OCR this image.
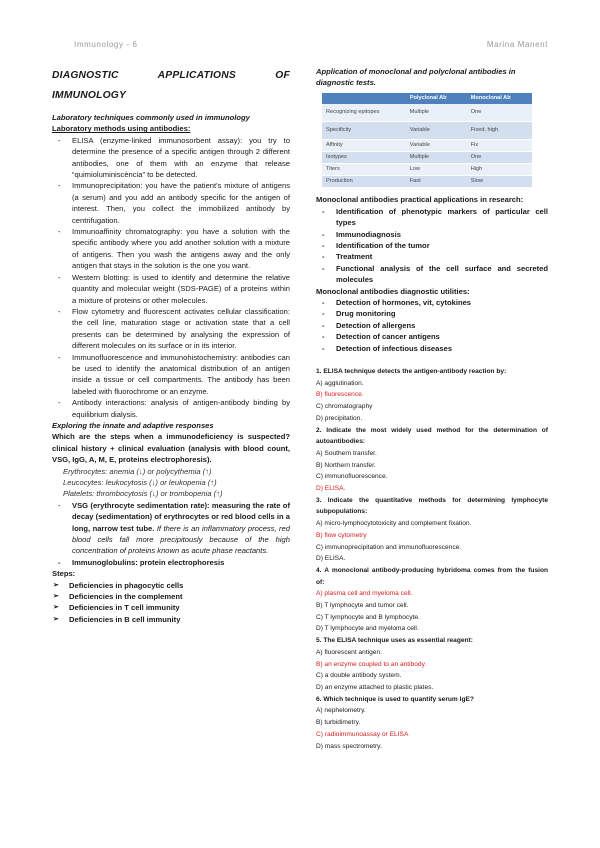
Immunology - 6	Marina Manent
DIAGNOSTIC APPLICATIONS OF IMMUNOLOGY
Laboratory techniques commonly used in immunology
Laboratory methods using antibodies:
- ELISA (enzyme-linked immunosorbent assay): you try to determine the presence of a specific antigen through 2 different antibodies, one of them with an enzyme that release “quimioluminiscència” to be detected.
- Immunoprecipitation: you have the patient's mixture of antigens (a serum) and you add an antibody specific for the antigen of interest. Then, you collect the immobilized antibody by centrifugation.
- Immunoaffinity chromatography: you have a solution with the specific antibody where you add another solution with a mixture of antigens. Then you wash the antigens away and the only antigen that stays in the solution is the one you want.
- Western blotting: is used to identify and determine the relative quantity and molecular weight (SDS-PAGE) of a proteins within a mixture of proteins or other molecules.
- Flow cytometry and fluorescent activates cellular classification: the cell line, maturation stage or activation state that a cell presents can be determined by analysing the expression of different molecules on its surface or in its interior.
- Immunofluorescence and immunohistochemistry: antibodies can be used to identify the anatomical distribution of an antigen inside a tissue or cell compartments. The antibody has been labeled with fluorochrome or an enzyme.
- Antibody interactions: analysis of antigen-antibody binding by equilibrium dialysis.
Exploring the innate and adaptive responses
Which are the steps when a immunodeficiency is suspected? clinical history + clinical evaluation (analysis with blood count, VSG, IgG, A, M, E, proteins electrophoresis).
Erythrocytes: anemia (↓) or polycythemia (↑)
Leucocytes: leukocytosis (↓) or leukopenia (↑)
Platelets: thrombocytosis (↓) or trombopenia (↑)
- VSG (erythrocyte sedimentation rate): measuring the rate of decay (sedimentation) of erythrocytes or red blood cells in a long, narrow test tube. If there is an inflammatory process, red blood cells fall more precipitously because of the high concentration of proteins known as acute phase reactants.
- Immunoglobulins: protein electrophoresis
Steps:
➢ Deficiencies in phagocytic cells
➢ Deficiencies in the complement
➢ Deficiencies in T cell immunity
➢ Deficiencies in B cell immunity
Application of monoclonal and polyclonal antibodies in diagnostic tests.
	Polyclonal Ab	Monoclonal Ab
Recognizing epitopes	Multiple	One
Specificity	Variable	Fixed, high
Affinity	Variable	Fix
Isotypes	Multiple	One
Titers	Low	High
Production	Fast	Slow
Monoclonal antibodies practical applications in research:
- Identification of phenotypic markers of particular cell types
- Immunodiagnosis
- Identification of the tumor
- Treatment
- Functional analysis of the cell surface and secreted molecules
Monoclonal antibodies diagnostic utilities:
- Detection of hormones, vit, cytokines
- Drug monitoring
- Detection of allergens
- Detection of cancer antigens
- Detection of infectious diseases
1. ELISA technique detects the antigen-antibody reaction by:
A) agglutination.
B) fluorescence.
C) chromatography
D) precipitation.
2. Indicate the most widely used method for the determination of autoantibodies:
A) Southern transfer.
B) Northern transfer.
C) immunofluorescence.
D) ELISA.
3. Indicate the quantitative methods for determining lymphocyte subpopulations:
A) micro-lymphocytotoxicity and complement fixation.
B) flow cytometry
C) immunoprecipitation and immunofluorescence.
D) ELISA.
4. A monoclonal antibody-producing hybridoma comes from the fusion of:
A) plasma cell and myeloma cell.
B) T lymphocyte and tumor cell.
C) T lymphocyte and B lymphocyte.
D) T lymphocyte and myeloma cell.
5. The ELISA technique uses as essential reagent:
A) fluorescent antigen.
B) an enzyme coupled to an antibody.
C) a double antibody system.
D) an enzyme attached to plastic plates.
6. Which technique is used to quantify serum IgE?
A) nephelometry.
B) turbidimetry.
C) radioimmunoassay or ELISA
D) mass spectrometry.
